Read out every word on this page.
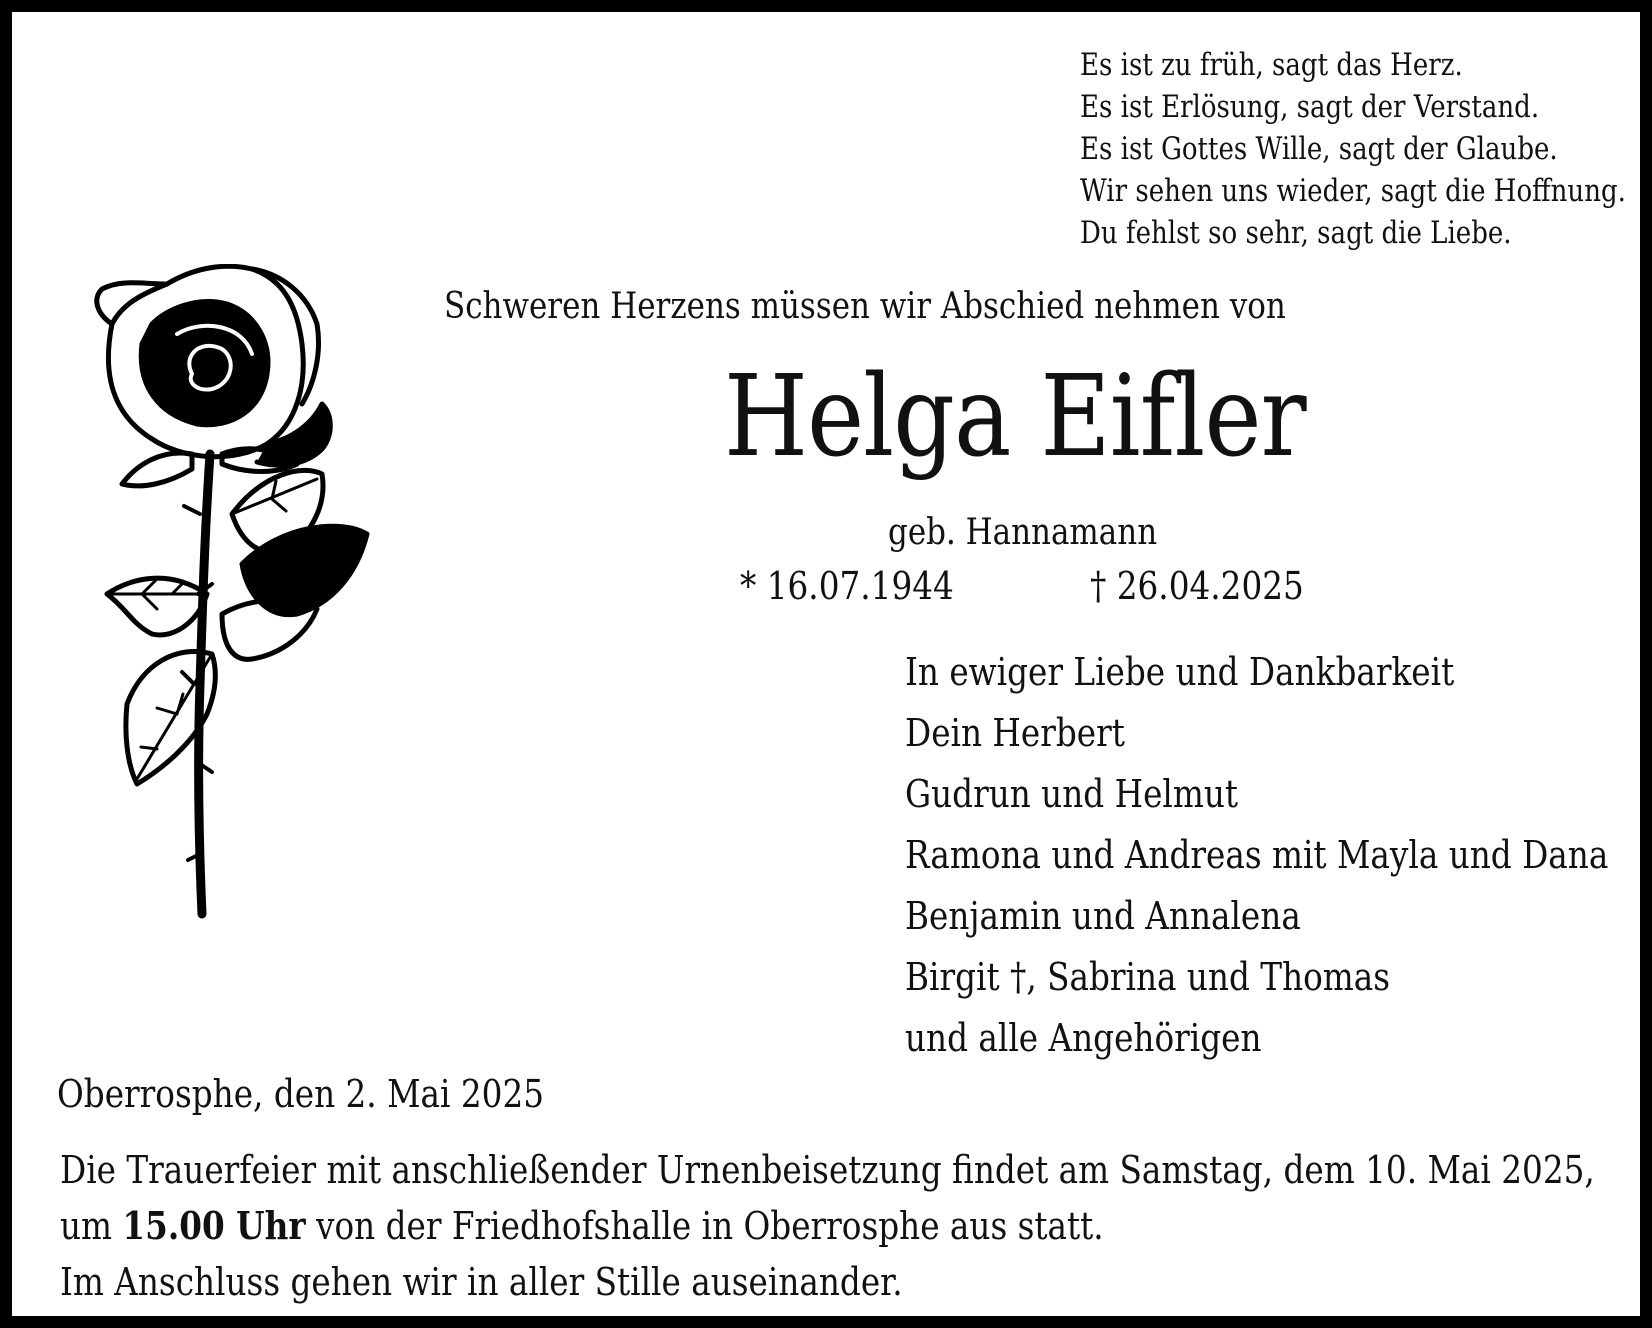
Es ist zu früh, sagt das Herz.
Es ist Erlösung, sagt der Verstand.
Es ist Gottes Wille, sagt der Glaube.
Wir sehen uns wieder, sagt die Hoffnung.
Du fehlst so sehr, sagt die Liebe.
Schweren Herzens müssen wir Abschied nehmen von
Helga Eifler
geb. Hannamann
* 16.07.1944	† 26.04.2025
In ewiger Liebe und Dankbarkeit
Dein Herbert
Gudrun und Helmut
Ramona und Andreas mit Mayla und Dana
Benjamin und Annalena
Birgit †, Sabrina und Thomas
und alle Angehörigen
Oberrosphe, den 2. Mai 2025
Die Trauerfeier mit anschließender Urnenbeisetzung findet am Samstag, dem 10. Mai 2025,
um 15.00 Uhr von der Friedhofshalle in Oberrosphe aus statt.
Im Anschluss gehen wir in aller Stille auseinander.
